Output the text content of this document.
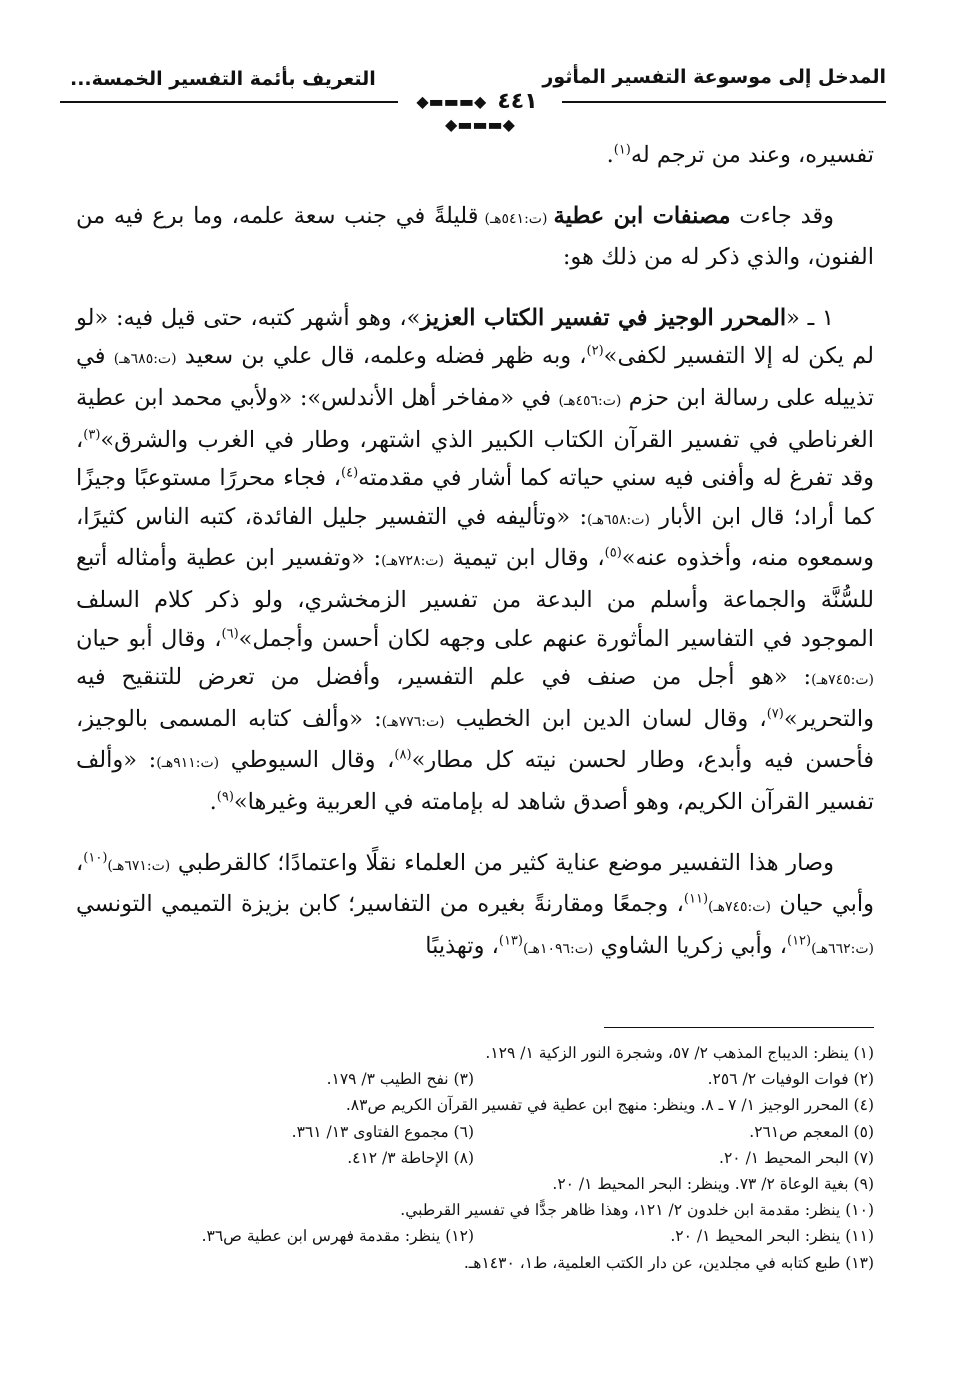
المدخل إلى موسوعة التفسير المأثور
التعريف بأئمة التفسير الخمسة...
◆▬▬▬◆ ٤٤١ ◆▬▬▬◆

تفسيره، وعند من ترجم له$^{(١)}$.

وقد جاءت مصنفات ابن عطية (ت:٥٤١هـ) قليلةً في جنب سعة علمه، وما برع فيه من الفنون، والذي ذكر له من ذلك هو:

١ ـ «المحرر الوجيز في تفسير الكتاب العزيز»، وهو أشهر كتبه، حتى قيل فيه: «لو لم يكن له إلا التفسير لكفى»$^{(٢)}$، وبه ظهر فضله وعلمه، قال علي بن سعيد (ت:٦٨٥هـ) في تذييله على رسالة ابن حزم (ت:٤٥٦هـ) في «مفاخر أهل الأندلس»: «ولأبي محمد ابن عطية الغرناطي في تفسير القرآن الكتاب الكبير الذي اشتهر، وطار في الغرب والشرق»$^{(٣)}$، وقد تفرغ له وأفنى فيه سني حياته كما أشار في مقدمته$^{(٤)}$، فجاء محررًا مستوعبًا وجيزًا كما أراد؛ قال ابن الأبار (ت:٦٥٨هـ): «وتأليفه في التفسير جليل الفائدة، كتبه الناس كثيرًا، وسمعوه منه، وأخذوه عنه»$^{(٥)}$، وقال ابن تيمية (ت:٧٢٨هـ): «وتفسير ابن عطية وأمثاله أتبع للسُّنَّة والجماعة وأسلم من البدعة من تفسير الزمخشري، ولو ذكر كلام السلف الموجود في التفاسير المأثورة عنهم على وجهه لكان أحسن وأجمل»$^{(٦)}$، وقال أبو حيان (ت:٧٤٥هـ): «هو أجل من صنف في علم التفسير، وأفضل من تعرض للتنقيح فيه والتحرير»$^{(٧)}$، وقال لسان الدين ابن الخطيب (ت:٧٧٦هـ): «وألف كتابه المسمى بالوجيز، فأحسن فيه وأبدع، وطار لحسن نيته كل مطار»$^{(٨)}$، وقال السيوطي (ت:٩١١هـ): «وألف تفسير القرآن الكريم، وهو أصدق شاهد له بإمامته في العربية وغيرها»$^{(٩)}$.

وصار هذا التفسير موضع عناية كثير من العلماء نقلًا واعتمادًا؛ كالقرطبي (ت:٦٧١هـ)$^{(١٠)}$، وأبي حيان (ت:٧٤٥هـ)$^{(١١)}$، وجمعًا ومقارنةً بغيره من التفاسير؛ كابن بزيزة التميمي التونسي (ت:٦٦٢هـ)$^{(١٢)}$، وأبي زكريا الشاوي (ت:١٠٩٦هـ)$^{(١٣)}$، وتهذيبًا

(١) ينظر: الديباج المذهب ٢/ ٥٧، وشجرة النور الزكية ١/ ١٢٩.
(٢) فوات الوفيات ٢/ ٢٥٦.
(٣) نفح الطيب ٣/ ١٧٩.
(٤) المحرر الوجيز ١/ ٧ ـ ٨. وينظر: منهج ابن عطية في تفسير القرآن الكريم ص٨٣.
(٥) المعجم ص٢٦١.
(٦) مجموع الفتاوى ١٣/ ٣٦١.
(٧) البحر المحيط ١/ ٢٠.
(٨) الإحاطة ٣/ ٤١٢.
(٩) بغية الوعاة ٢/ ٧٣. وينظر: البحر المحيط ١/ ٢٠.
(١٠) ينظر: مقدمة ابن خلدون ٢/ ١٢١، وهذا ظاهر جدًّا في تفسير القرطبي.
(١١) ينظر: البحر المحيط ١/ ٢٠.
(١٢) ينظر: مقدمة فهرس ابن عطية ص٣٦.
(١٣) طبع كتابه في مجلدين، عن دار الكتب العلمية، ط١، ١٤٣٠هـ.
